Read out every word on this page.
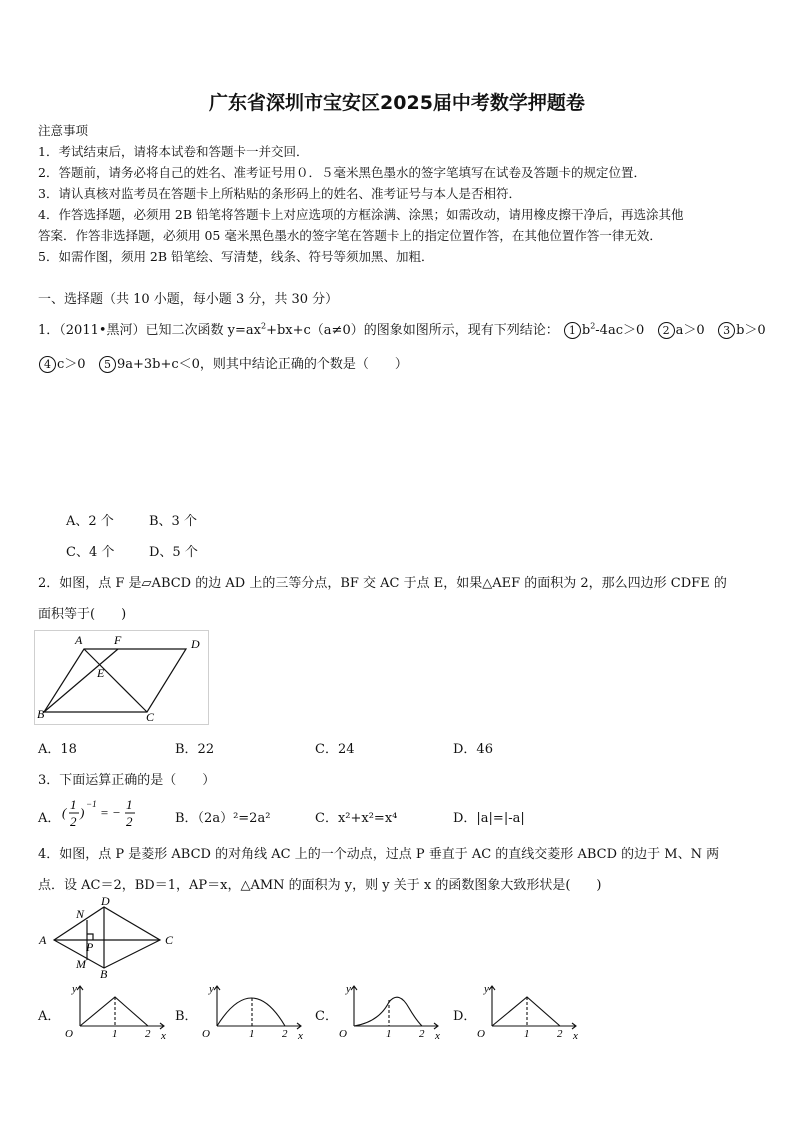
广东省深圳市宝安区2025届中考数学押题卷
注意事项
1．考试结束后，请将本试卷和答题卡一并交回．
2．答题前，请务必将自己的姓名、准考证号用０．５毫米黑色墨水的签字笔填写在试卷及答题卡的规定位置．
3．请认真核对监考员在答题卡上所粘贴的条形码上的姓名、准考证号与本人是否相符．
4．作答选择题，必须用 2B 铅笔将答题卡上对应选项的方框涂满、涂黑；如需改动，请用橡皮擦干净后，再选涂其他
答案．作答非选择题，必须用 05 毫米黑色墨水的签字笔在答题卡上的指定位置作答，在其他位置作答一律无效．
5．如需作图，须用 2B 铅笔绘、写清楚，线条、符号等须加黑、加粗．
一、选择题（共 10 小题，每小题 3 分，共 30 分）
1．（2011•黑河）已知二次函数 $y=ax^2+bx+c(a\ne 0)$的图象如图所示，现有下列结论： 1 $b^2-4ac>0$ 2 a＞0 3 b＞0
4 c＞0 5 9a+3b+c＜0，则其中结论正确的个数是（　　）
A、2 个	B、3 个
C、4 个	D、5 个
2．如图，点 F 是▱ABCD 的边 AD 上的三等分点，BF 交 AC 于点 E，如果△AEF 的面积为 2，那么四边形 CDFE 的
面积等于(　　)
A	F	D
E
B	C
A．18	B．22	C．24	D．46
3．下面运算正确的是（　　）
A． (
1
2
)
−1
= −
1
2	B．（2a）²=2a²	C．x²+x²=x⁴	D．|a|=|-a|
4．如图，点 P 是菱形 ABCD 的对角线 AC 上的一个动点，过点 P 垂直于 AC 的直线交菱形 ABCD 的边于 M、N 两
点．设 AC＝2，BD＝1，AP＝x，△AMN 的面积为 y，则 y 关于 x 的函数图象大致形状是(　　)
N
D
A	P	C
M
B
A．
y
O	1	2 x
B．
y
O	1	2 x
C．
y
O	1	2 x
D．
y
O	1	2 x
